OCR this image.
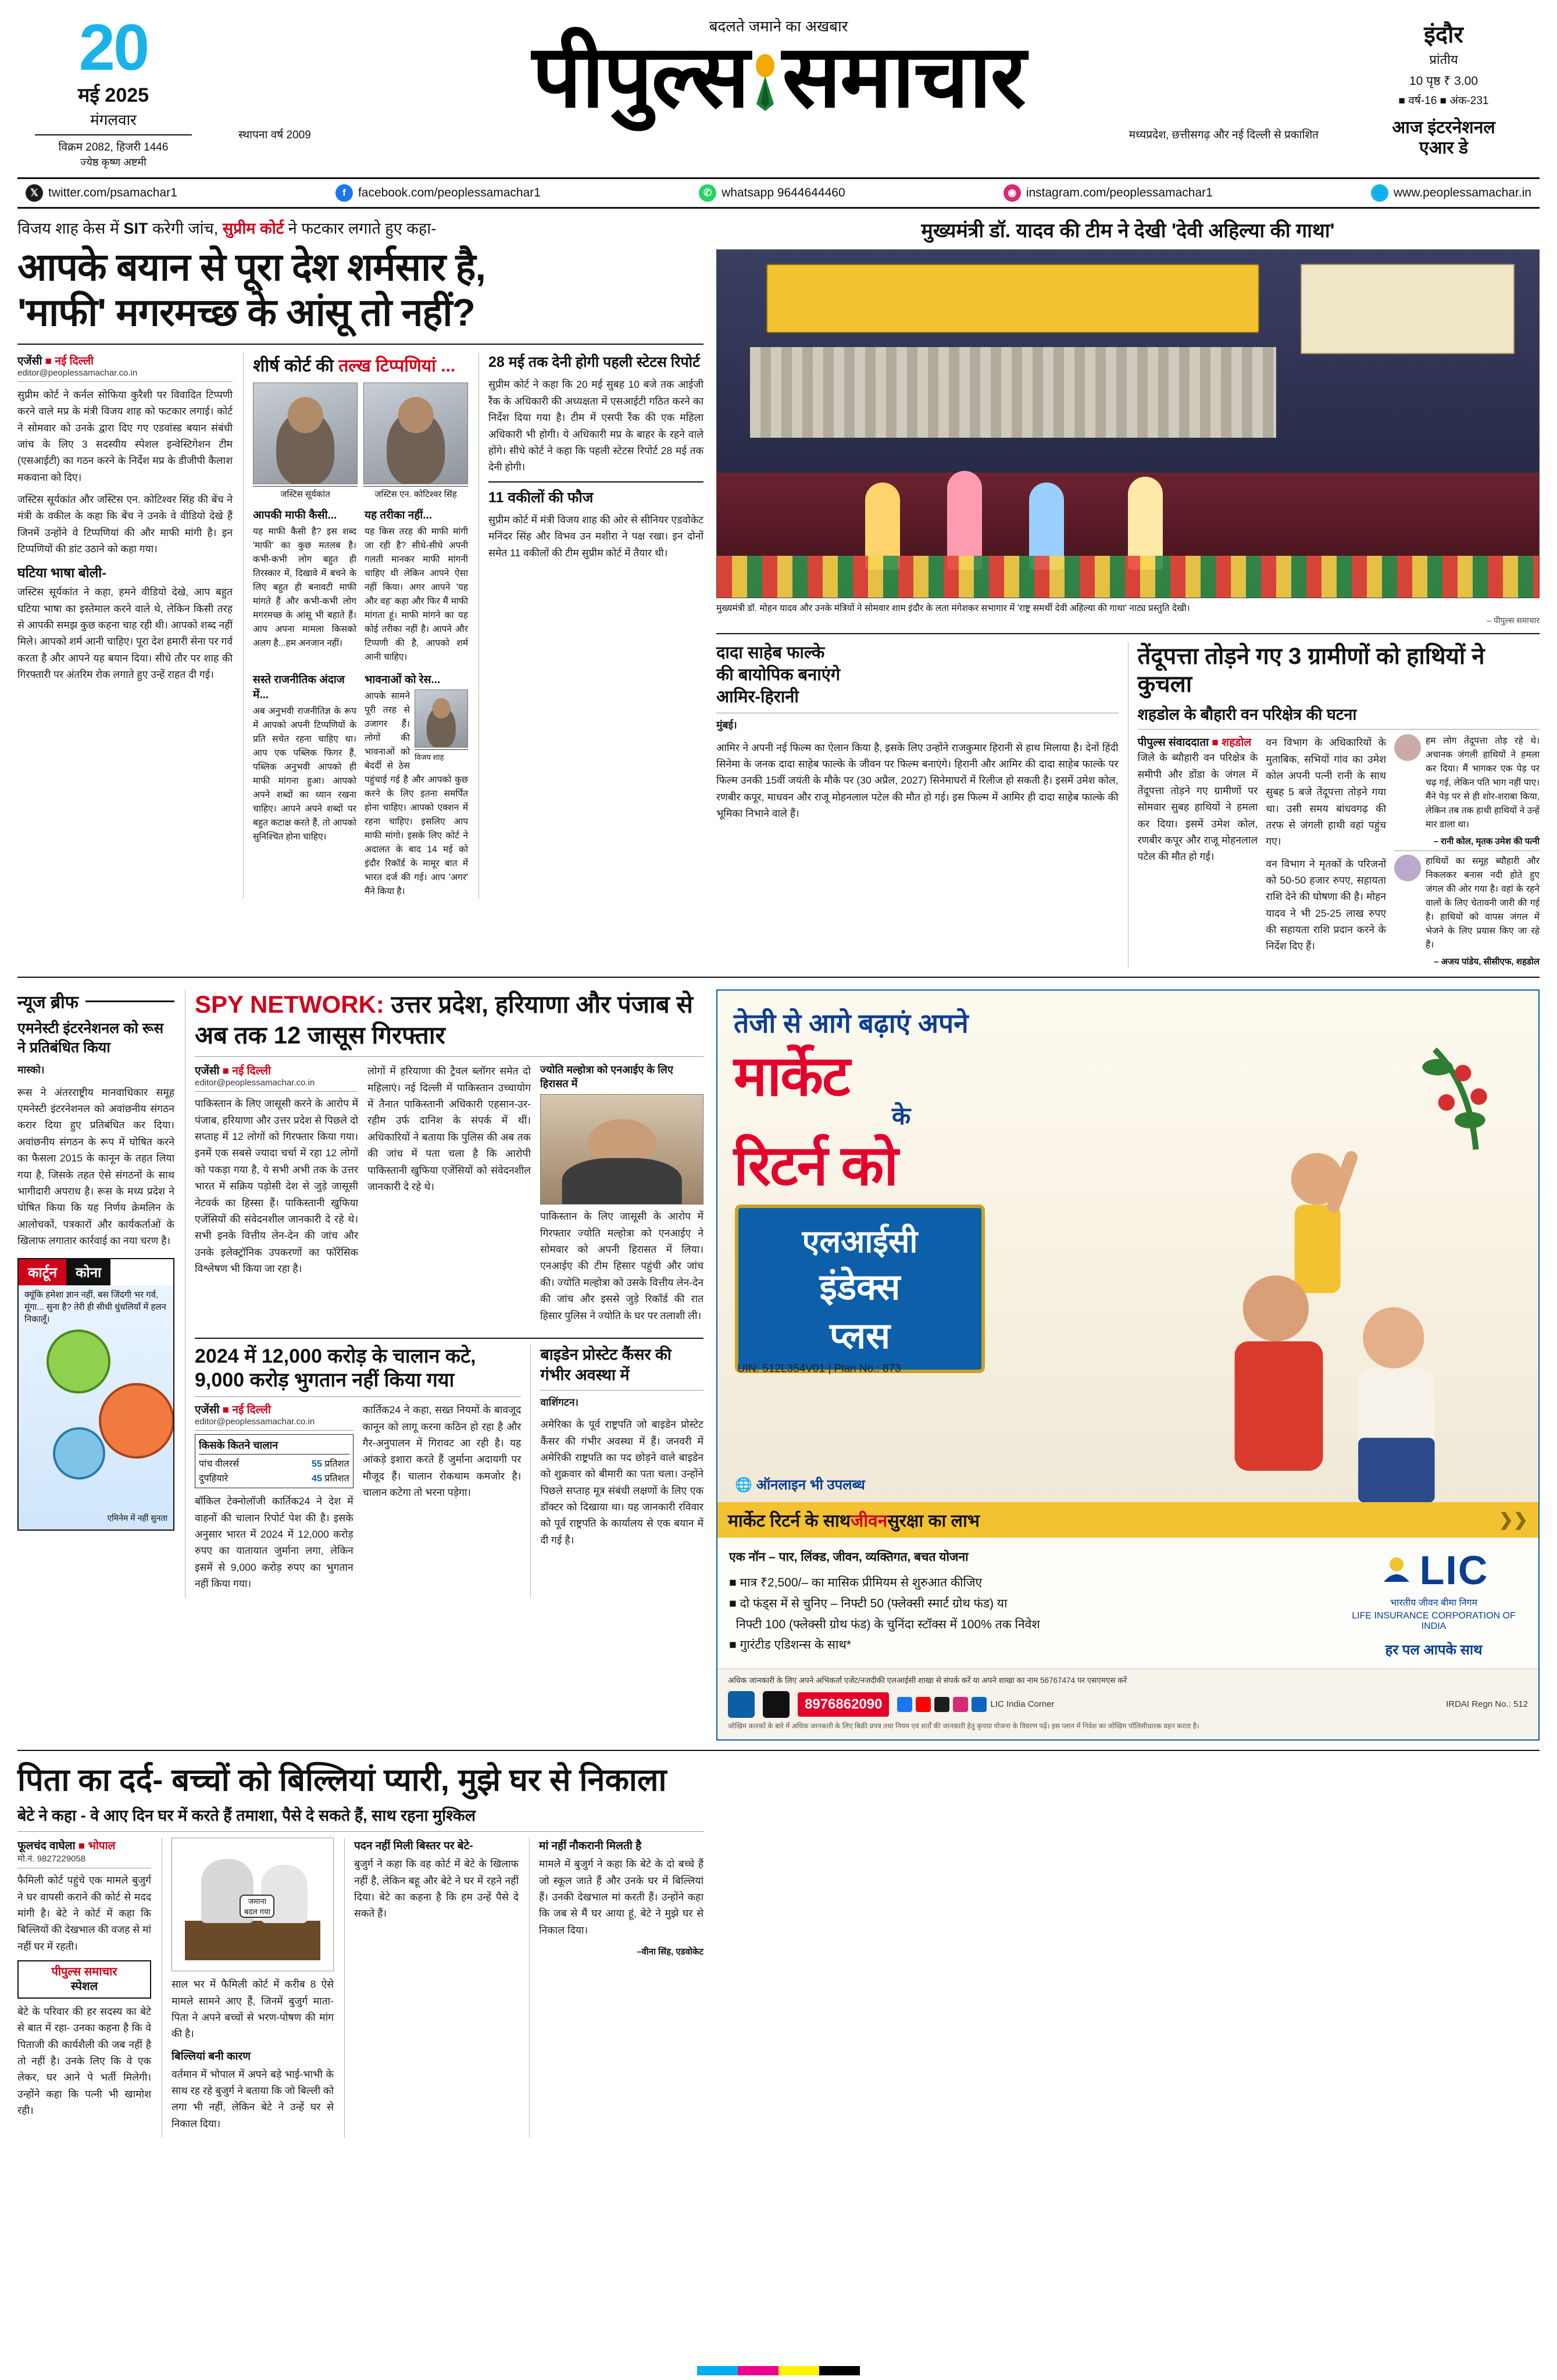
20
मई 2025
मंगलवार
विक्रम 2082, हिजरी 1446
ज्येष्ठ कृष्ण अष्टमी
बदलते जमाने का अखबार
पीपुल्स समाचार
स्थापना वर्ष 2009	मध्यप्रदेश, छत्तीसगढ़ और नई दिल्ली से प्रकाशित
इंदौर
प्रांतीय
10 पृष्ठ ₹ 3.00
■ वर्ष-16 ■ अंक-231
आज इंटरनेशनल
एआर डे
𝕏 twitter.com/psamachar1	f	facebook.com/peoplessamachar1	✆ whatsapp 9644644460	◉ instagram.com/peoplessamachar1	🌐 www.peoplessamachar.in
विजय शाह केस में SIT करेगी जांच, सुप्रीम कोर्ट ने फटकार लगाते हुए कहा-
आपके बयान से पूरा देश शर्मसार है,
'माफी' मगरमच्छ के आंसू तो नहीं?
एजेंसी ■ नई दिल्ली
editor@peoplessamachar.co.in

सुप्रीम कोर्ट ने कर्नल सोफिया कुरैशी पर विवादित टिप्पणी करने वाले मप्र के मंत्री विजय शाह को फटकार लगाई। कोर्ट ने सोमवार को उनके द्वारा दिए गए एडवांस्ड बयान संबंधी जांच के लिए 3 सदस्यीय स्पेशल इन्वेस्टिगेशन टीम (एसआईटी) का गठन करने के निर्देश मप्र के डीजीपी कैलाश मकवाना को दिए।

जस्टिस सूर्यकांत और जस्टिस एन. कोटिश्वर सिंह की बेंच ने मंत्री के वकील के कहा कि बेंच ने उनके वे वीडियो देखे हैं जिनमें उन्होंने वे टिप्पणियां की और माफी मांगी है। इन टिप्पणियों की डांट उठाने को कहा गया।

घटिया भाषा बोली-

जस्टिस सूर्यकांत ने कहा, हमने वीडियो देखे, आप बहुत घटिया भाषा का इस्तेमाल करने वाले थे, लेकिन किसी तरह से आपकी समझ कुछ कहना चाह रही थी। आपको शब्द नहीं मिले। आपको शर्म आनी चाहिए। पूरा देश हमारी सेना पर गर्व करता है और आपने यह बयान दिया। सीधे तौर पर शाह की गिरफ्तारी पर अंतरिम रोक लगाते हुए उन्हें राहत दी गई।

शीर्ष कोर्ट की तल्ख टिप्पणियां ...
जस्टिस सूर्यकांत	जस्टिस एन. कोटिश्वर सिंह
आपकी माफी कैसी...
यह माफी कैसी है? इस शब्द 'माफी' का कुछ मतलब है। कभी-कभी लोग बहुत ही तिरस्कार में, दिखावे में बचने के लिए बहुत ही बनावटी माफी मांगते हैं और कभी-कभी लोग मगरमच्छ के आंसू भी बहाते हैं। आप अपना मामला किसको अलग है...हम अनजान नहीं।
यह तरीका नहीं...
यह किस तरह की माफी मांगी जा रही है? सीधे-सीधे अपनी गलती मानकर माफी मांगनी चाहिए थी लेकिन आपने ऐसा नहीं किया। अगर आपने 'यह और वह' कहा और फिर मैं माफी मांगता हूं। माफी मांगने का यह कोई तरीका नहीं है। आपने और टिप्पणी की है, आपको शर्म आनी चाहिए।
सस्ते राजनीतिक अंदाज में...
अब अनुभवी राजनीतिज्ञ के रूप में आपको अपनी टिप्पणियों के प्रति सचेत रहना चाहिए था। आप एक पब्लिक फिगर हैं, पब्लिक अनुभवी आपको ही माफी मांगना हुआ। आपको अपने शब्दों का ध्यान रखना चाहिए। आपने अपने शब्दों पर बहुत कटाक्ष करते हैं, तो आपको सुनिश्चित होना चाहिए।
भावनाओं को रेस...
विजय शाह
आपके सामने पूरी तरह से उजागर हैं। लोगों की भावनाओं को बेदर्दी से ठेस पहुंचाई गई है और आपको कुछ करने के लिए इतना समर्पित होना चाहिए। आपको एक्शन में रहना चाहिए। इसलिए आप माफी मांगो। इसके लिए कोर्ट ने अदालत के बाद 14 मई को इंदौर रिकॉर्ड के मामूर बात में भारत दर्ज की गई। आप 'अगर' मैंने किया है।
28 मई तक देनी होगी पहली स्टेटस रिपोर्ट

सुप्रीम कोर्ट ने कहा कि 20 मई सुबह 10 बजे तक आईजी रैंक के अधिकारी की अध्यक्षता में एसआईटी गठित करने का निर्देश दिया गया है। टीम में एसपी रैंक की एक महिला अधिकारी भी होगी। ये अधिकारी मप्र के बाहर के रहने वाले होंगे। सीधे कोर्ट ने कहा कि पहली स्टेटस रिपोर्ट 28 मई तक देनी होगी।

11 वकीलों की फौज

सुप्रीम कोर्ट में मंत्री विजय शाह की ओर से सीनियर एडवोकेट मनिंदर सिंह और विभव उन मशीरा ने पक्ष रखा। इन दोनों समेत 11 वकीलों की टीम सुप्रीम कोर्ट में तैयार थी।

मुख्यमंत्री डॉ. यादव की टीम ने देखी 'देवी अहिल्या की गाथा'
मुख्यमंत्री डॉ. मोहन यादव और उनके मंत्रियों ने सोमवार शाम इंदौर के लता मंगेशकर सभागार में 'राष्ट्र समर्थी देवी अहिल्या की गाथा' नाट्य प्रस्तुति देखी।
– पीपुल्स समाचार
दादा साहेब फाल्के
की बायोपिक बनाएंगे
आमिर-हिरानी

मुंबई।

आमिर ने अपनी नई फिल्म का ऐलान किया है, इसके लिए उन्होंने राजकुमार हिरानी से हाथ मिलाया है। देनों हिंदी सिनेमा के जनक दादा साहेब फाल्के के जीवन पर फिल्म बनाएंगे। हिरानी और आमिर की दादा साहेब फाल्के पर फिल्म उनकी 15वीं जयंती के मौके पर (30 अप्रैल, 2027) सिनेमाघरों में रिलीज हो सकती है। इसमें उमेश कोल, रणबीर कपूर, माधवन और राजू मोहनलाल पटेल की मौत हो गई। इस फिल्म में आमिर ही दादा साहेब फाल्के की भूमिका निभाने वाले हैं।

तेंदूपत्ता तोड़ने गए 3 ग्रामीणों को हाथियों ने कुचला
शहडोल के बौहारी वन परिक्षेत्र की घटना
पीपुल्स संवाददाता ■ शहडोल

जिले के ब्यौहारी वन परिक्षेत्र के समीपी और डोंडा के जंगल में तेंदूपत्ता तोड़ने गए ग्रामीणों पर सोमवार सुबह हाथियों ने हमला कर दिया। इसमें उमेश कोल, रणबीर कपूर और राजू मोहनलाल पटेल की मौत हो गई।

वन विभाग के अधिकारियों के मुताबिक, सभियों गांव का उमेश कोल अपनी पत्नी रानी के साथ सुबह 5 बजे तेंदूपत्ता तोड़ने गया था। उसी समय बांधवगढ़ की तरफ से जंगली हाथी वहां पहुंच गए।

वन विभाग ने मृतकों के परिजनों को 50-50 हजार रुपए, सहायता राशि देने की घोषणा की है। मोहन यादव ने भी 25-25 लाख रुपए की सहायता राशि प्रदान करने के निर्देश दिए हैं।

हम लोग तेंदूपत्ता तोड़ रहे थे। अचानक जंगली हाथियों ने हमला कर दिया। मैं भागकर एक पेड़ पर चढ़ गई, लेकिन पति भाग नहीं पाए। मैंने पेड़ पर से ही शोर-शराबा किया, लेकिन तब तक हाथी हाथियों ने उन्हें मार डाला था।
– रानी कोल, मृतक उमेश की पत्नी
हाथियों का समूह ब्यौहारी और निकलकर बनास नदी होते हुए जंगल की ओर गया है। वहां के रहने वालों के लिए चेतावनी जारी की गई है। हाथियों को वापस जंगल में भेजने के लिए प्रयास किए जा रहे हैं।
– अजय पांडेय, सीसीएफ, शहडोल
न्यूज ब्रीफ
एमनेस्टी इंटरनेशनल को रूस ने प्रतिबंधित किया

मास्को।

रूस ने अंतरराष्ट्रीय मानवाधिकार समूह एमनेस्टी इंटरनेशनल को अवांछनीय संगठन करार दिया हुए प्रतिबंधित कर दिया। अवांछनीय संगठन के रूप में घोषित करने का फैसला 2015 के कानून के तहत लिया गया है, जिसके तहत ऐसे संगठनों के साथ भागीदारी अपराध है। रूस के मध्य प्रदेश ने घोषित किया कि यह निर्णय क्रेमलिन के आलोचकों, पत्रकारों और कार्यकर्ताओं के खिलाफ लगातार कार्रवाई का नया चरण है।

कार्टून	कोना
क्यूंकि हमेशा ज्ञान नहीं, बस जिंदगी भर गर्व, मूंगा... सुना है? तेरी ही सीधी धुंधलियाँ में हलन निकालूँ।
एमिनेम में नहीं सुनता
SPY NETWORK: उत्तर प्रदेश, हरियाणा और पंजाब से अब तक 12 जासूस गिरफ्तार
एजेंसी ■ नई दिल्ली
editor@peoplessamachar.co.in

पाकिस्तान के लिए जासूसी करने के आरोप में पंजाब, हरियाणा और उत्तर प्रदेश से पिछले दो सप्ताह में 12 लोगों को गिरफ्तार किया गया। इनमें एक सबसे ज्यादा चर्चा में रहा 12 लोगों को पकड़ा गया है, ये सभी अभी तक के उत्तर भारत में सक्रिय पड़ोसी देश से जुड़े जासूसी नेटवर्क का हिस्सा हैं। पाकिस्तानी खुफिया एजेंसियों की संवेदनशील जानकारी दे रहे थे। सभी इनके वित्तीय लेन-देन की जांच और उनके इलेक्ट्रॉनिक उपकरणों का फॉरेंसिक विश्लेषण भी किया जा रहा है।

लोगों में हरियाणा की ट्रैवल ब्लॉगर समेत दो महिलाएं। नई दिल्ली में पाकिस्तान उच्चायोग में तैनात पाकिस्तानी अधिकारी एहसान-उर-रहीम उर्फ दानिश के संपर्क में थीं। अधिकारियों ने बताया कि पुलिस की अब तक की जांच में पता चला है कि आरोपी पाकिस्तानी खुफिया एजेंसियों को संवेदनशील जानकारी दे रहे थे।

ज्योति मल्होत्रा को एनआईए के लिए हिरासत में

पाकिस्तान के लिए जासूसी के आरोप में गिरफ्तार ज्योति मल्होत्रा को एनआईए ने सोमवार को अपनी हिरासत में लिया। एनआईए की टीम हिसार पहुंची और जांच की। ज्योति मल्होत्रा को उसके वित्तीय लेन-देन की जांच और इससे जुड़े रिकॉर्ड की रात हिसार पुलिस ने ज्योति के घर पर तलाशी ली।

2024 में 12,000 करोड़ के चालान कटे, 9,000 करोड़ भुगतान नहीं किया गया
एजेंसी ■ नई दिल्ली
editor@peoplessamachar.co.in
किसके कितने चालान
पांच वीलरर्स	55 प्रतिशत
दुपहियारे	45 प्रतिशत

बॉकिल टेक्नोलॉजी कार्तिक24 ने देश में वाहनों की चालान रिपोर्ट पेश की है। इसके अनुसार भारत में 2024 में 12,000 करोड़ रुपए का यातायात जुर्माना लगा, लेकिन इसमें से 9,000 करोड़ रुपए का भुगतान नहीं किया गया।

कार्तिक24 ने कहा, सख्त नियमों के बावजूद कानून को लागू करना कठिन हो रहा है और गैर-अनुपालन में गिरावट आ रही है। यह आंकड़े इशारा करते हैं जुर्माना अदायगी पर मौजूद हैं। चालान रोकथाम कमजोर है। चालान कटेगा तो भरना पड़ेगा।

बाइडेन प्रोस्टेट कैंसर की गंभीर अवस्था में

वाशिंगटन।

अमेरिका के पूर्व राष्ट्रपति जो बाइडेन प्रोस्टेट कैंसर की गंभीर अवस्था में हैं। जनवरी में अमेरिकी राष्ट्रपति का पद छोड़ने वाले बाइडेन को शुक्रवार को बीमारी का पता चला। उन्होंने पिछले सप्ताह मूत्र संबंधी लक्षणों के लिए एक डॉक्टर को दिखाया था। यह जानकारी रविवार को पूर्व राष्ट्रपति के कार्यालय से एक बयान में दी गई है।

तेजी से आगे बढ़ाएं अपने
मार्केट
के
रिटर्न को
एलआईसी
इंडेक्स
प्लस
UIN: 512L354V01 | Plan No.: 873
🌐 ऑनलाइन भी उपलब्ध
मार्केट रिटर्न के साथ जीवन सुरक्षा का लाभ	❯❯
एक नॉन – पार, लिंक्ड, जीवन, व्यक्तिगत, बचत योजना
■ मात्र ₹2,500/– का मासिक प्रीमियम से शुरुआत कीजिए
■ दो फंड्स में से चुनिए – निफ्टी 50 (फ्लेक्सी स्मार्ट ग्रोथ फंड) या
निफ्टी 100 (फ्लेक्सी ग्रोथ फंड) के चुनिंदा स्टॉक्स में 100% तक निवेश
■ गुारंटीड एडिशन्स के साथ*
LIC
भारतीय जीवन बीमा निगम
LIFE INSURANCE CORPORATION OF INDIA
हर पल आपके साथ
अधिक जानकारी के लिए अपने अभिकर्ता एजेंट/नजदीकी एलआईसी शाखा से संपर्क करें या अपने शाखा का नाम 56767474 पर एसएमएस करें
8976862090	LIC India Corner	IRDAI Regn No.: 512
जोखिम कारकों के बारे में अधिक जानकारी के लिए बिक्री प्रपत्र तथा नियम एवं शर्तों की जानकारी हेतु कृपया योजना के विवरण पढ़ें। इस प्लान में निवेश का जोखिम पॉलिसीधारक वहन करता है।
पिता का दर्द- बच्चों को बिल्लियां प्यारी, मुझे घर से निकाला
बेटे ने कहा - वे आए दिन घर में करते हैं तमाशा, पैसे दे सकते हैं, साथ रहना मुश्किल
फूलचंद वाघेला ■ भोपाल
मो.नं. 9827229058

फैमिली कोर्ट पहुंचे एक मामले बुजुर्ग ने घर वापसी कराने की कोर्ट से मदद मांगी है। बेटे ने कोर्ट में कहा कि बिल्लियों की देखभाल की वजह से मां नहीं घर में रहती।

पीपुल्स समाचार
स्पेशल

बेटे के परिवार की हर सदस्य का बेटे से बात में रहा- उनका कहना है कि वे पिताजी की कार्यशैली की जब नहीं है तो नहीं है। उनके लिए कि वे एक लेकर, घर आने पे भर्ती मिलेगी। उन्होंने कहा कि पत्नी भी खामोश रही।

जमाना बदल गया

साल भर में फैमिली कोर्ट में करीब 8 ऐसे मामले सामने आए हैं, जिनमें बुजुर्ग माता-पिता ने अपने बच्चों से भरण-पोषण की मांग की है।

बिल्लियां बनी कारण

वर्तमान में भोपाल में अपने बड़े भाई-भाभी के साथ रह रहे बुजुर्ग ने बताया कि जो बिल्ली को लगा भी नहीं, लेकिन बेटे ने उन्हें घर से निकाल दिया।

पदन नहीं मिली बिस्तर पर बेटे-

बुजुर्ग ने कहा कि वह कोर्ट में बेटे के खिलाफ नहीं है, लेकिन बहू और बेटे ने घर में रहने नहीं दिया। बेटे का कहना है कि हम उन्हें पैसे दे सकते हैं।

मां नहीं नौकरानी मिलती है

मामले में बुजुर्ग ने कहा कि बेटे के दो बच्चे हैं जो स्कूल जाते हैं और उनके घर में बिल्लियां हैं। उनकी देखभाल मां करती हैं। उन्होंने कहा कि जब से मैं घर आया हूं, बेटे ने मुझे घर से निकाल दिया।

–वीना सिंह, एडवोकेट
